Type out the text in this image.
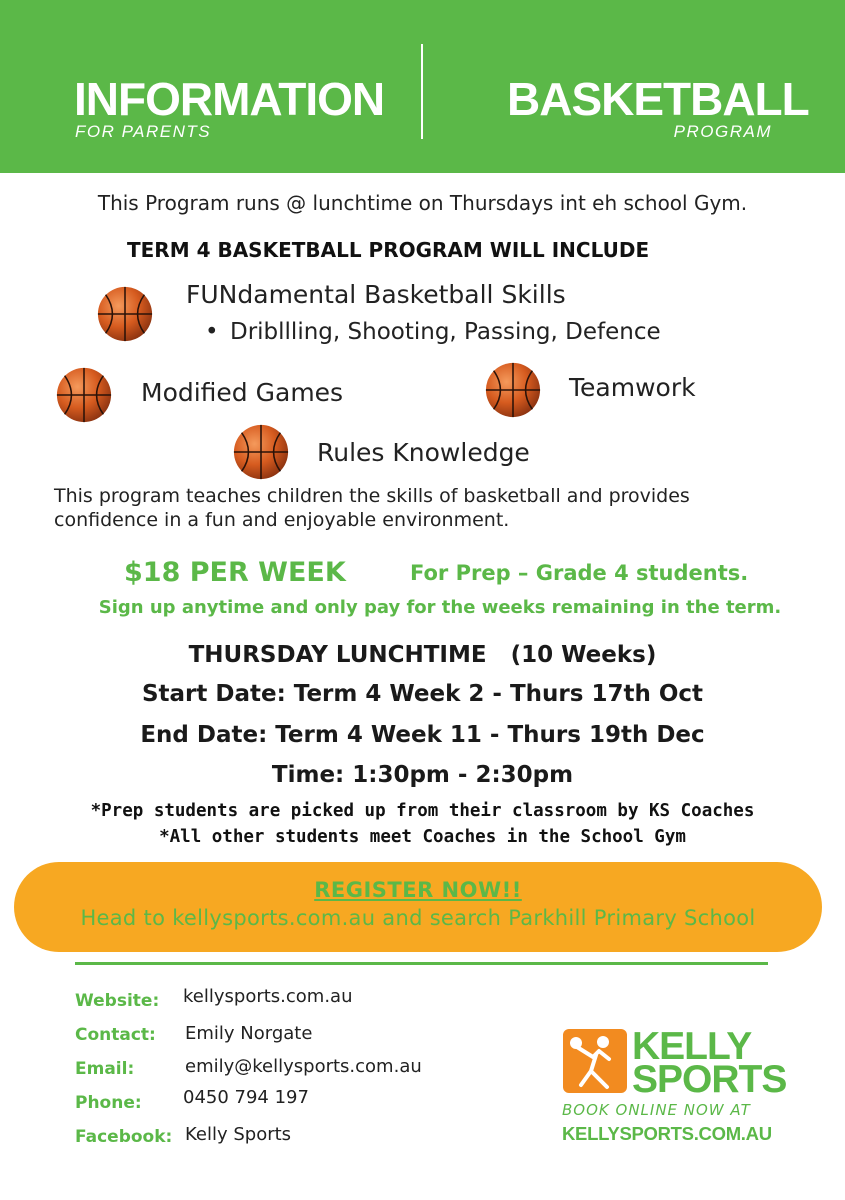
INFORMATION
FOR PARENTS
BASKETBALL
PROGRAM
This Program runs @ lunchtime on Thursdays int eh school Gym.
TERM 4 BASKETBALL PROGRAM WILL INCLUDE
FUNdamental Basketball Skills
• Dribllling, Shooting, Passing, Defence
Modified Games	Teamwork
Rules Knowledge
This program teaches children the skills of basketball and provides confidence in a fun and enjoyable environment.
$18 PER WEEK	For Prep – Grade 4 students.
Sign up anytime and only pay for the weeks remaining in the term.
THURSDAY LUNCHTIME   (10 Weeks)
Start Date: Term 4 Week 2 - Thurs 17th Oct
End Date: Term 4 Week 11 - Thurs 19th Dec
Time: 1:30pm - 2:30pm
*Prep students are picked up from their classroom by KS Coaches
*All other students meet Coaches in the School Gym
REGISTER NOW!!
Head to kellysports.com.au and search Parkhill Primary School
Website: kellysports.com.au
Contact: Emily Norgate
Email:	emily@kellysports.com.au
Phone: 0450 794 197
Facebook: Kelly Sports
KELLY
SPORTS
BOOK ONLINE NOW AT
KELLYSPORTS.COM.AU
